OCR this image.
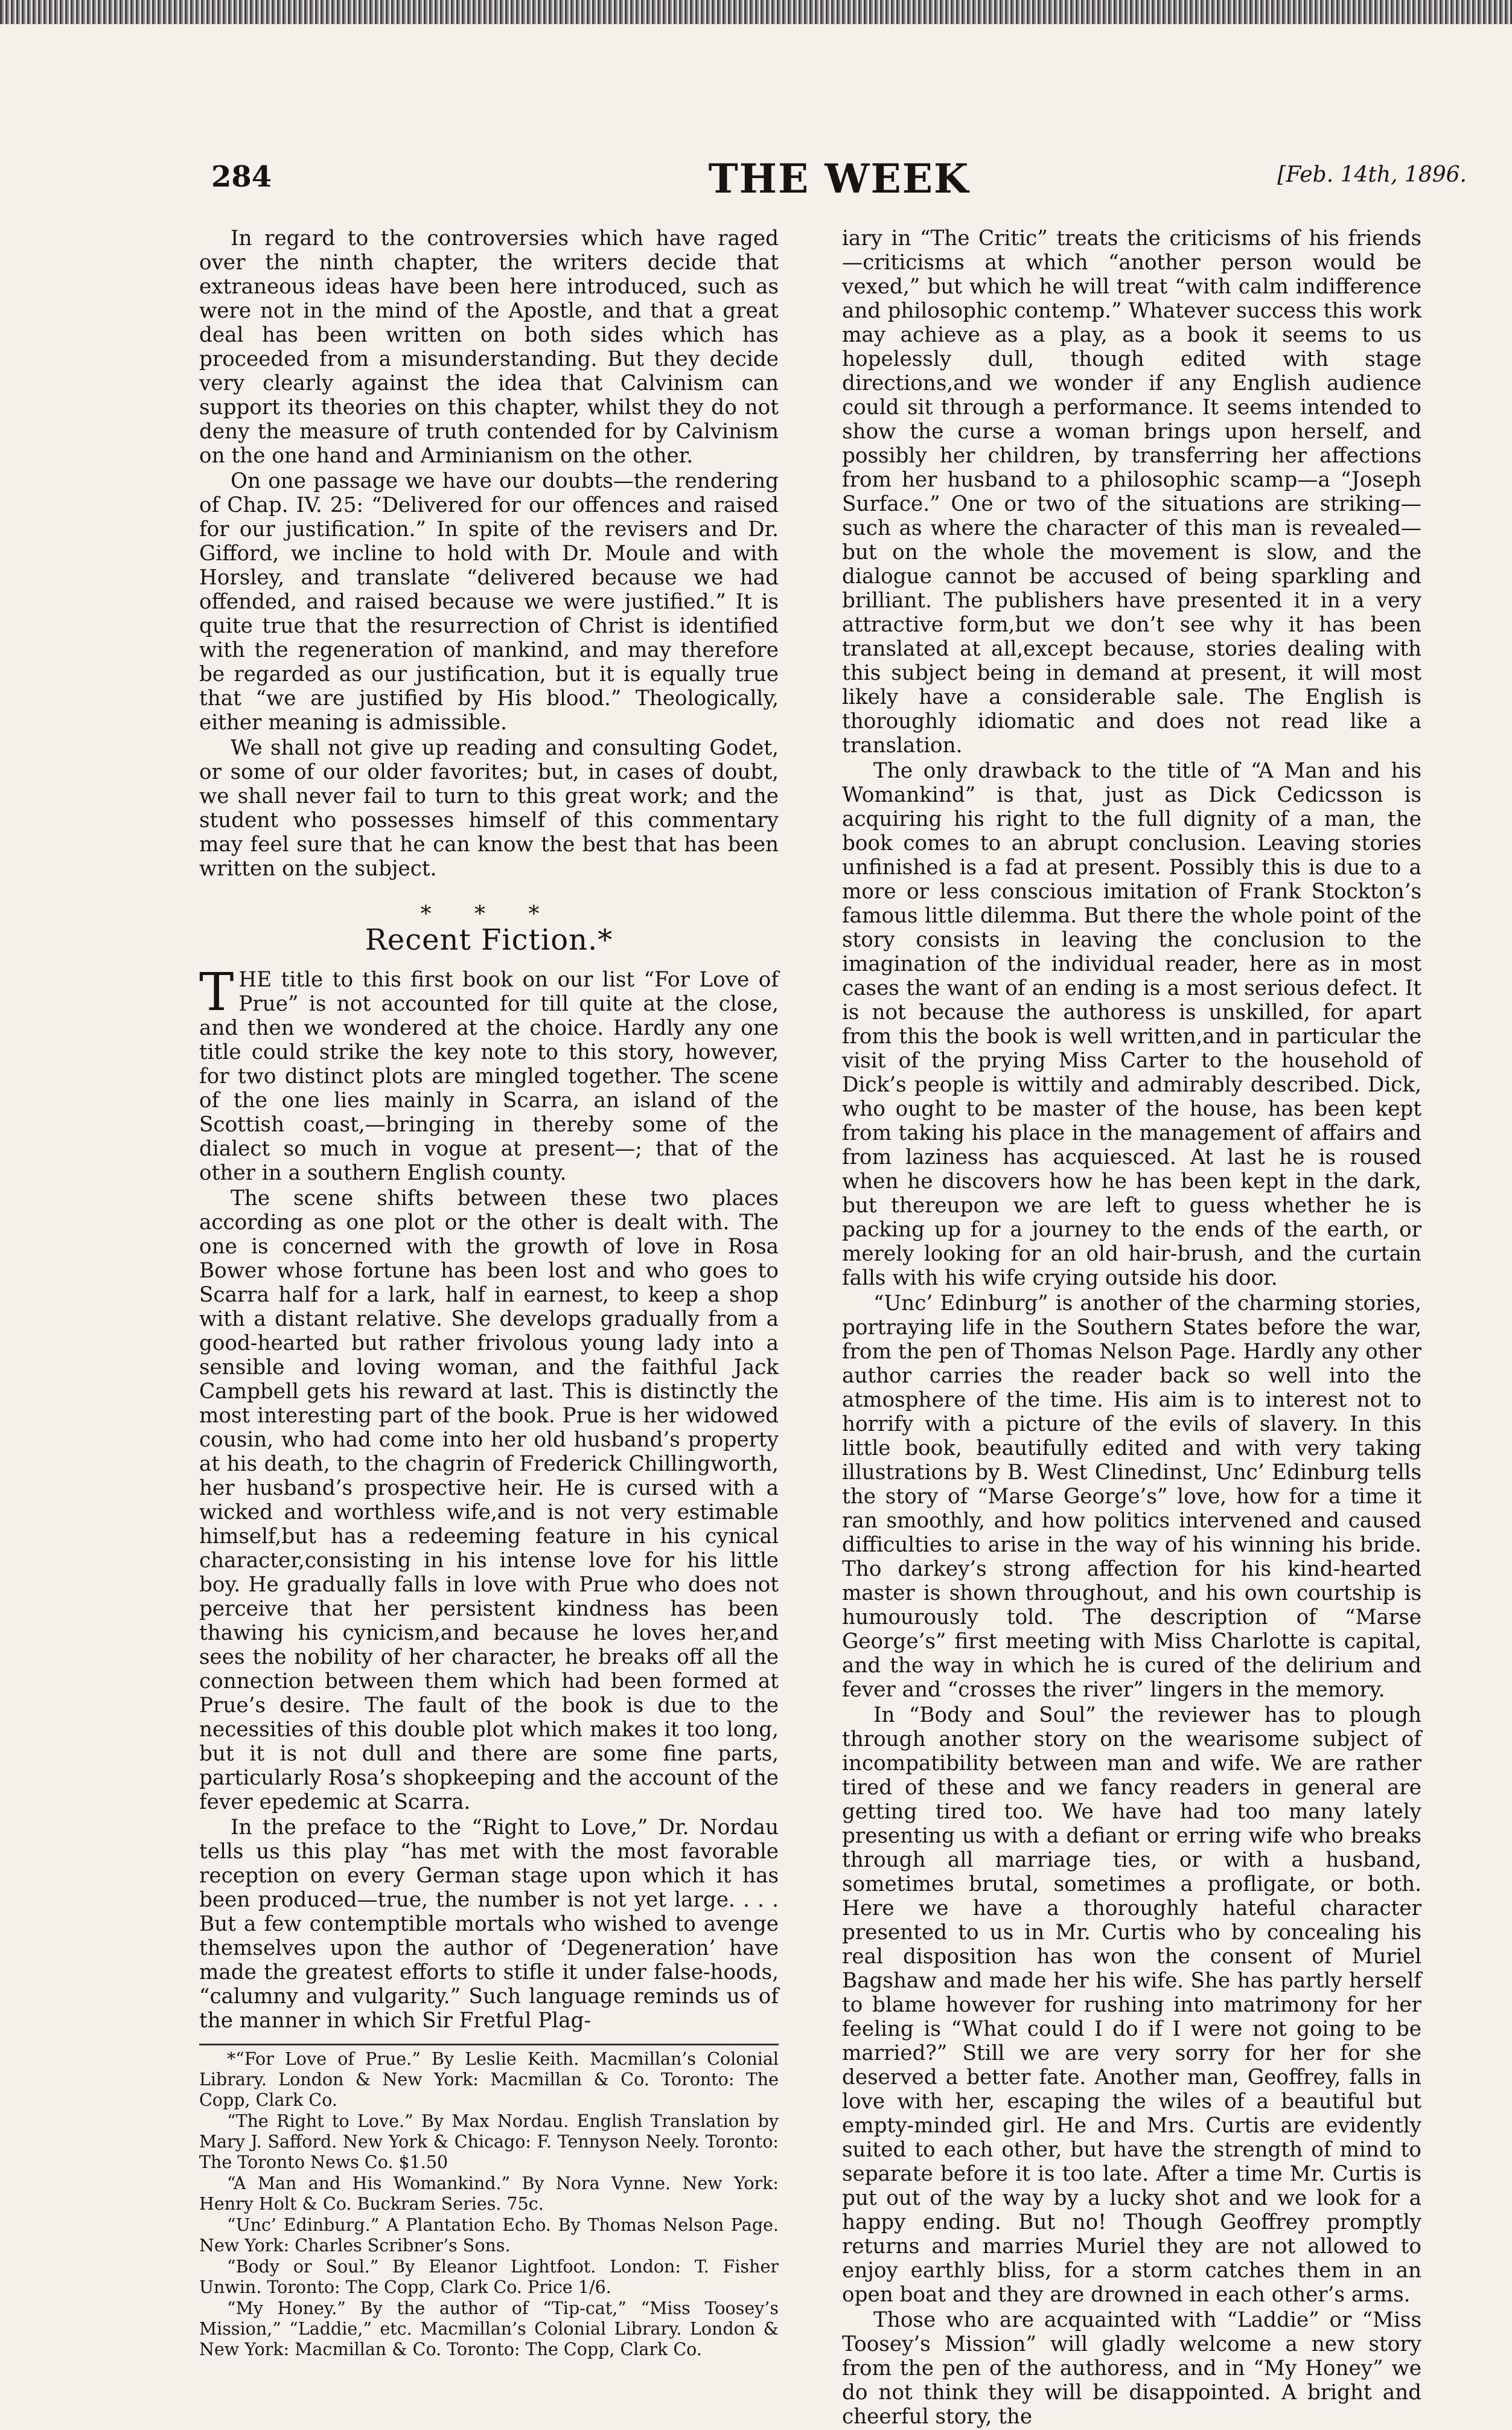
284	THE WEEK	[Feb. 14th, 1896.

In regard to the controversies which have raged over the ninth chapter, the writers decide that extraneous ideas have been here introduced, such as were not in the mind of the Apostle, and that a great deal has been written on both sides which has proceeded from a misunderstanding. But they decide very clearly against the idea that Calvinism can support its theories on this chapter, whilst they do not deny the measure of truth contended for by Calvinism on the one hand and Arminianism on the other.

On one passage we have our doubts—the rendering of Chap. IV. 25: “Delivered for our offences and raised for our justification.” In spite of the revisers and Dr. Gifford, we incline to hold with Dr. Moule and with Horsley, and translate “delivered because we had offended, and raised because we were justified.” It is quite true that the resurrection of Christ is identified with the regeneration of mankind, and may therefore be regarded as our justification, but it is equally true that “we are justified by His blood.” Theologically, either meaning is admissible.

We shall not give up reading and consulting Godet, or some of our older favorites; but, in cases of doubt, we shall never fail to turn to this great work; and the student who possesses himself of this commentary may feel sure that he can know the best that has been written on the subject.

* * *
Recent Fiction.*

THE title to this first book on our list “For Love of Prue” is not accounted for till quite at the close, and then we wondered at the choice. Hardly any one title could strike the key note to this story, however, for two distinct plots are mingled together. The scene of the one lies mainly in Scarra, an island of the Scottish coast,—bringing in thereby some of the dialect so much in vogue at present—; that of the other in a southern English county.

The scene shifts between these two places according as one plot or the other is dealt with. The one is concerned with the growth of love in Rosa Bower whose fortune has been lost and who goes to Scarra half for a lark, half in earnest, to keep a shop with a distant relative. She develops gradually from a good-hearted but rather frivolous young lady into a sensible and loving woman, and the faithful Jack Campbell gets his reward at last. This is distinctly the most interesting part of the book. Prue is her widowed cousin, who had come into her old husband’s property at his death, to the chagrin of Frederick Chillingworth, her husband’s prospective heir. He is cursed with a wicked and worthless wife,and is not very estimable himself,but has a redeeming feature in his cynical character,consisting in his intense love for his little boy. He gradually falls in love with Prue who does not perceive that her persistent kindness has been thawing his cynicism,and because he loves her,and sees the nobility of her character, he breaks off all the connection between them which had been formed at Prue’s desire. The fault of the book is due to the necessities of this double plot which makes it too long, but it is not dull and there are some fine parts, particularly Rosa’s shopkeeping and the account of the fever epedemic at Scarra.

In the preface to the “Right to Love,” Dr. Nordau tells us this play “has met with the most favorable reception on every German stage upon which it has been produced—true, the number is not yet large. . . . But a few contemptible mortals who wished to avenge themselves upon the author of ‘Degeneration’ have made the greatest efforts to stifle it under false-hoods, “calumny and vulgarity.” Such language reminds us of the manner in which Sir Fretful Plag-

*“For Love of Prue.” By Leslie Keith. Macmillan’s Colonial Library. London & New York: Macmillan & Co. Toronto: The Copp, Clark Co.

“The Right to Love.” By Max Nordau. English Translation by Mary J. Safford. New York & Chicago: F. Tennyson Neely. Toronto: The Toronto News Co. $1.50

“A Man and His Womankind.” By Nora Vynne. New York: Henry Holt & Co. Buckram Series. 75c.

“Unc’ Edinburg.” A Plantation Echo. By Thomas Nelson Page. New York: Charles Scribner’s Sons.

“Body or Soul.” By Eleanor Lightfoot. London: T. Fisher Unwin. Toronto: The Copp, Clark Co. Price 1/6.

“My Honey.” By the author of “Tip-cat,” “Miss Toosey’s Mission,” “Laddie,” etc. Macmillan’s Colonial Library. London & New York: Macmillan & Co. Toronto: The Copp, Clark Co.

iary in “The Critic” treats the criticisms of his friends—criticisms at which “another person would be vexed,” but which he will treat “with calm indifference and philosophic contemp.” Whatever success this work may achieve as a play, as a book it seems to us hopelessly dull, though edited with stage directions,and we wonder if any English audience could sit through a performance. It seems intended to show the curse a woman brings upon herself, and possibly her children, by transferring her affections from her husband to a philosophic scamp—a “Joseph Surface.” One or two of the situations are striking—such as where the character of this man is revealed—but on the whole the movement is slow, and the dialogue cannot be accused of being sparkling and brilliant. The publishers have presented it in a very attractive form,but we don’t see why it has been translated at all,except because, stories dealing with this subject being in demand at present, it will most likely have a considerable sale. The English is thoroughly idiomatic and does not read like a translation.

The only drawback to the title of “A Man and his Womankind” is that, just as Dick Cedicsson is acquiring his right to the full dignity of a man, the book comes to an abrupt conclusion. Leaving stories unfinished is a fad at present. Possibly this is due to a more or less conscious imitation of Frank Stockton’s famous little dilemma. But there the whole point of the story consists in leaving the conclusion to the imagination of the individual reader, here as in most cases the want of an ending is a most serious defect. It is not because the authoress is unskilled, for apart from this the book is well written,and in particular the visit of the prying Miss Carter to the household of Dick’s people is wittily and admirably described. Dick, who ought to be master of the house, has been kept from taking his place in the management of affairs and from laziness has acquiesced. At last he is roused when he discovers how he has been kept in the dark, but thereupon we are left to guess whether he is packing up for a journey to the ends of the earth, or merely looking for an old hair-brush, and the curtain falls with his wife crying outside his door.

“Unc’ Edinburg” is another of the charming stories, portraying life in the Southern States before the war, from the pen of Thomas Nelson Page. Hardly any other author carries the reader back so well into the atmosphere of the time. His aim is to interest not to horrify with a picture of the evils of slavery. In this little book, beautifully edited and with very taking illustrations by B. West Clinedinst, Unc’ Edinburg tells the story of “Marse George’s” love, how for a time it ran smoothly, and how politics intervened and caused difficulties to arise in the way of his winning his bride. Tho darkey’s strong affection for his kind-hearted master is shown throughout, and his own courtship is humourously told. The description of “Marse George’s” first meeting with Miss Charlotte is capital, and the way in which he is cured of the delirium and fever and “crosses the river” lingers in the memory.

In “Body and Soul” the reviewer has to plough through another story on the wearisome subject of incompatibility between man and wife. We are rather tired of these and we fancy readers in general are getting tired too. We have had too many lately presenting us with a defiant or erring wife who breaks through all marriage ties, or with a husband, sometimes brutal, sometimes a profligate, or both. Here we have a thoroughly hateful character presented to us in Mr. Curtis who by concealing his real disposition has won the consent of Muriel Bagshaw and made her his wife. She has partly herself to blame however for rushing into matrimony for her feeling is “What could I do if I were not going to be married?” Still we are very sorry for her for she deserved a better fate. Another man, Geoffrey, falls in love with her, escaping the wiles of a beautiful but empty-minded girl. He and Mrs. Curtis are evidently suited to each other, but have the strength of mind to separate before it is too late. After a time Mr. Curtis is put out of the way by a lucky shot and we look for a happy ending. But no! Though Geoffrey promptly returns and marries Muriel they are not allowed to enjoy earthly bliss, for a storm catches them in an open boat and they are drowned in each other’s arms.

Those who are acquainted with “Laddie” or “Miss Toosey’s Mission” will gladly welcome a new story from the pen of the authoress, and in “My Honey” we do not think they will be disappointed. A bright and cheerful story, the
